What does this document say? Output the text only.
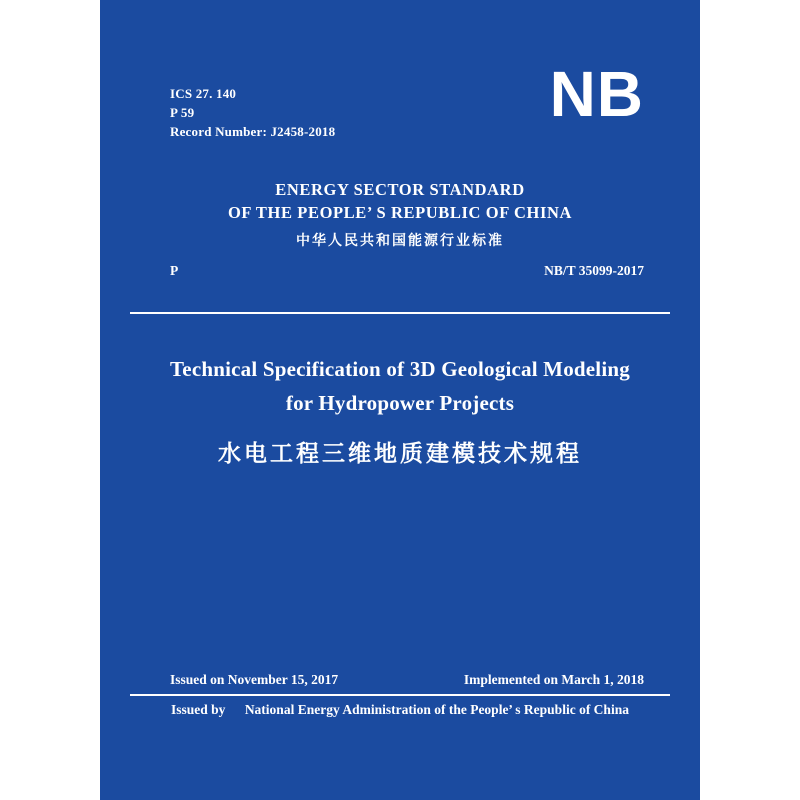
ICS 27. 140
P 59
Record Number: J2458-2018
NB
ENERGY SECTOR STANDARD
OF THE PEOPLE’ S REPUBLIC OF CHINA
中华人民共和国能源行业标准
P	NB/T 35099-2017
Technical Specification of 3D Geological Modeling
for Hydropower Projects
水电工程三维地质建模技术规程
Issued on November 15, 2017	Implemented on March 1, 2018
Issued by National Energy Administration of the People’ s Republic of China
